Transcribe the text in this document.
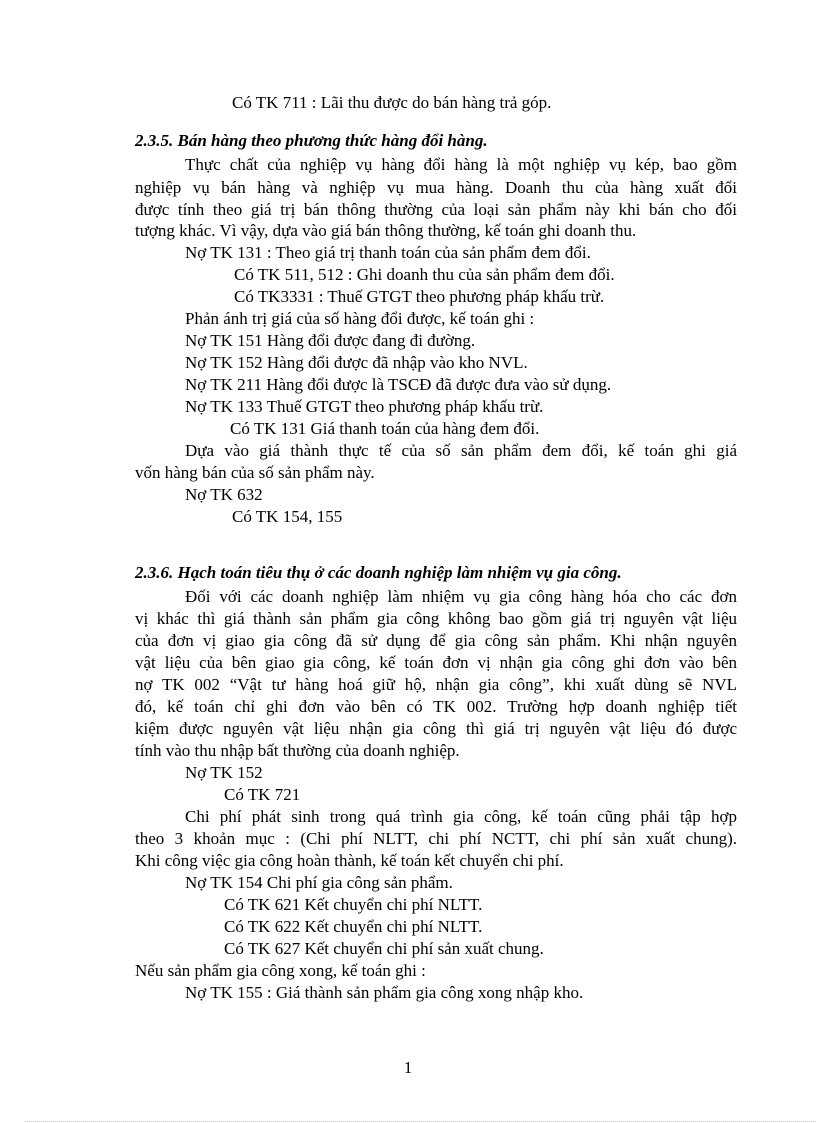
Có TK 711 : Lãi thu được do bán hàng trả góp.
2.3.5. Bán hàng theo phương thức hàng đổi hàng.
Thực chất của nghiệp vụ hàng đổi hàng là một nghiệp vụ kép, bao gồm
nghiệp vụ bán hàng và nghiệp vụ mua hàng. Doanh thu của hàng xuất đổi
được tính theo giá trị bán thông thường của loại sản phẩm này khi bán cho đối
tượng khác. Vì vậy, dựa vào giá bán thông thường, kế toán ghi doanh thu.
Nợ TK 131 : Theo giá trị thanh toán của sản phẩm đem đổi.
Có TK 511, 512 : Ghi doanh thu của sản phẩm đem đổi.
Có TK3331 : Thuế GTGT theo phương pháp khấu trừ.
Phản ánh trị giá của số hàng đổi được, kế toán ghi :
Nợ TK 151 Hàng đổi được đang đi đường.
Nợ TK 152 Hàng đổi được đã nhập vào kho NVL.
Nợ TK 211 Hàng đổi được là TSCĐ đã được đưa vào sử dụng.
Nợ TK 133 Thuế GTGT theo phương pháp khấu trừ.
Có TK 131 Giá thanh toán của hàng đem đổi.
Dựa vào giá thành thực tế của số sản phẩm đem đổi, kế toán ghi giá
vốn hàng bán của số sản phẩm này.
Nợ TK 632
Có TK 154, 155
2.3.6. Hạch toán tiêu thụ ở các doanh nghiệp làm nhiệm vụ gia công.
Đối với các doanh nghiệp làm nhiệm vụ gia công hàng hóa cho các đơn
vị khác thì giá thành sản phẩm gia công không bao gồm giá trị nguyên vật liệu
của đơn vị giao gia công đã sử dụng để gia công sản phẩm. Khi nhận nguyên
vật liệu của bên giao gia công, kế toán đơn vị nhận gia công ghi đơn vào bên
nợ TK 002 “Vật tư hàng hoá giữ hộ, nhận gia công”, khi xuất dùng sẽ NVL
đó, kế toán chỉ ghi đơn vào bên có TK 002. Trường hợp doanh nghiệp tiết
kiệm được nguyên vật liệu nhận gia công thì giá trị nguyên vật liệu đó được
tính vào thu nhập bất thường của doanh nghiệp.
Nợ TK 152
Có TK 721
Chi phí phát sinh trong quá trình gia công, kế toán cũng phải tập hợp
theo 3 khoản mục : (Chi phí NLTT, chi phí NCTT, chi phí sản xuất chung).
Khi công việc gia công hoàn thành, kế toán kết chuyển chi phí.
Nợ TK 154 Chi phí gia công sản phẩm.
Có TK 621 Kết chuyển chi phí NLTT.
Có TK 622 Kết chuyển chi phí NLTT.
Có TK 627 Kết chuyển chi phí sản xuất chung.
Nếu sản phẩm gia công xong, kế toán ghi :
Nợ TK 155 : Giá thành sản phẩm gia công xong nhập kho.
1
